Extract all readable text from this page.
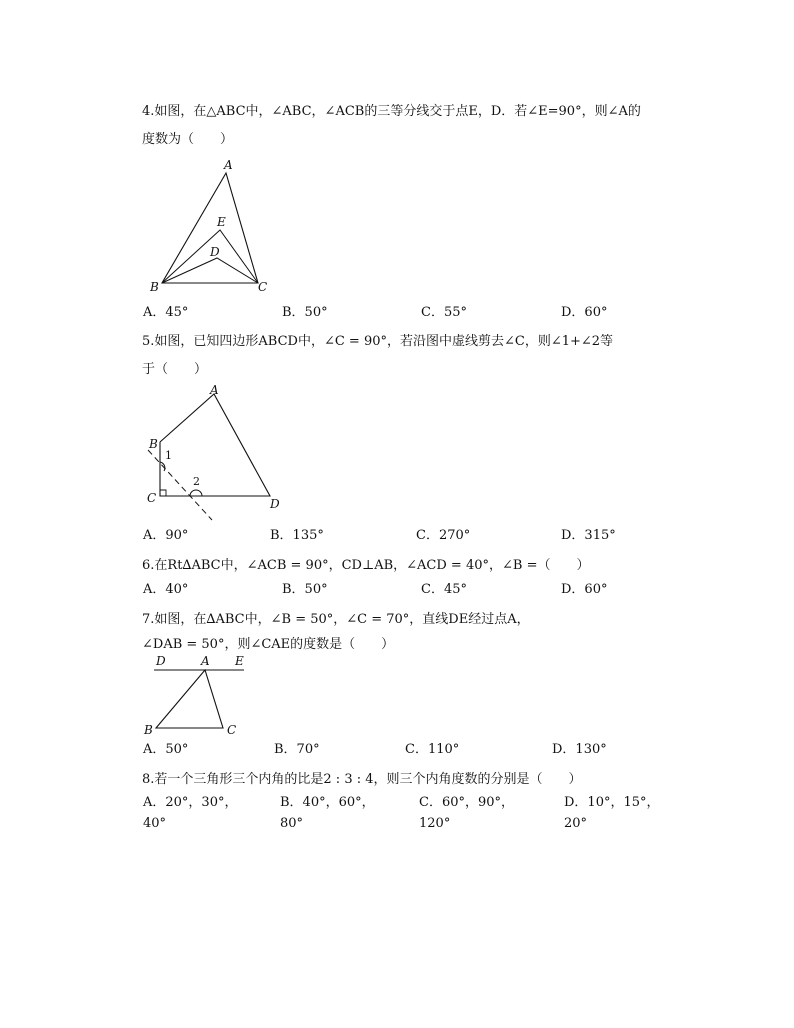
4.如图，在△ABC中，∠ABC，∠ACB的三等分线交于点E，D．若∠E=90°，则∠A的
度数为（　　）
A
B	C
E
D
A．45°	B．50°	C．55°	D．60°
5.如图，已知四边形ABCD中，∠C = 90°，若沿图中虚线剪去∠C，则∠1+∠2等
于（　　）
A
B
C	D
1
2
A．90°	B．135°	C．270°	D．315°
6.在Rt∆ABC中，∠ACB = 90°，CD⊥AB，∠ACD = 40°，∠B =（　　）
A．40°	B．50°	C．45°	D．60°
7.如图，在∆ABC中，∠B = 50°，∠C = 70°，直线DE经过点A，
∠DAB = 50°，则∠CAE的度数是（　　）
D	A E
B	C
A．50°	B．70°	C．110°	D．130°
8.若一个三角形三个内角的比是2 : 3 : 4，则三个内角度数的分别是（　　）
A．20°，30°，
40°
B．40°，60°，
80°
C．60°，90°，
120°
D．10°，15°，
20°
